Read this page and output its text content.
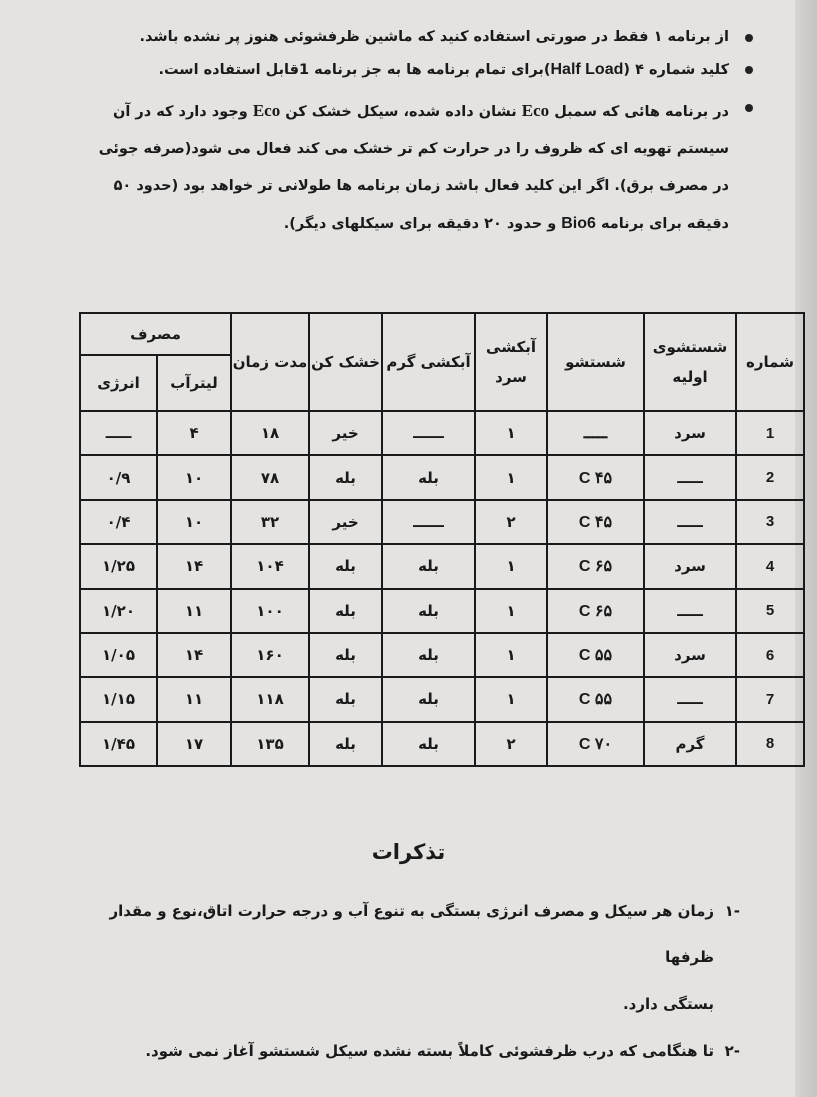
از برنامه ۱ فقط در صورتی استفاده کنید که ماشین ظرفشوئی هنوز پر نشده باشد.
کلید شماره ۴ (Half Load)برای تمام برنامه ها به جز برنامه 1قابل استفاده است.
در برنامه هائی که سمبل Eco نشان داده شده، سیکل خشک کن Eco وجود دارد که در آن سیستم تهویه ای که ظروف را در حرارت کم تر خشک می کند فعال می شود(صرفه جوئی در مصرف برق). اگر این کلید فعال باشد زمان برنامه ها طولانی تر خواهد بود (حدود ۵۰ دقیقه برای برنامه Bio6 و حدود ۲۰ دقیقه برای سیکلهای دیگر).
شماره	شستشوی اولیه	شستشو	آبکشی سرد	آبکشی گرم	خشک کن	مدت زمان	مصرف	
							لیترآب	انرژی
1	سرد	ـــــ	۱	ــــــ	خیر	۱۸	۴	ـــــ
2	ـــــ	۴۵ C	۱	بله	بله	۷۸	۱۰	۰/۹
3	ـــــ	۴۵ C	۲	ــــــ	خیر	۳۲	۱۰	۰/۴
4	سرد	۶۵ C	۱	بله	بله	۱۰۴	۱۴	۱/۲۵
5	ـــــ	۶۵ C	۱	بله	بله	۱۰۰	۱۱	۱/۲۰
6	سرد	۵۵ C	۱	بله	بله	۱۶۰	۱۴	۱/۰۵
7	ـــــ	۵۵ C	۱	بله	بله	۱۱۸	۱۱	۱/۱۵
8	گرم	۷۰ C	۲	بله	بله	۱۳۵	۱۷	۱/۴۵
تذکرات
-۱
زمان هر سیکل و مصرف انرژی بستگی به تنوع آب و درجه حرارت اتاق،نوع و مقدار ظرفها
بستگی دارد.
-۲
تا هنگامی که درب ظرفشوئی کاملاً بسته نشده سیکل شستشو آغاز نمی شود.
